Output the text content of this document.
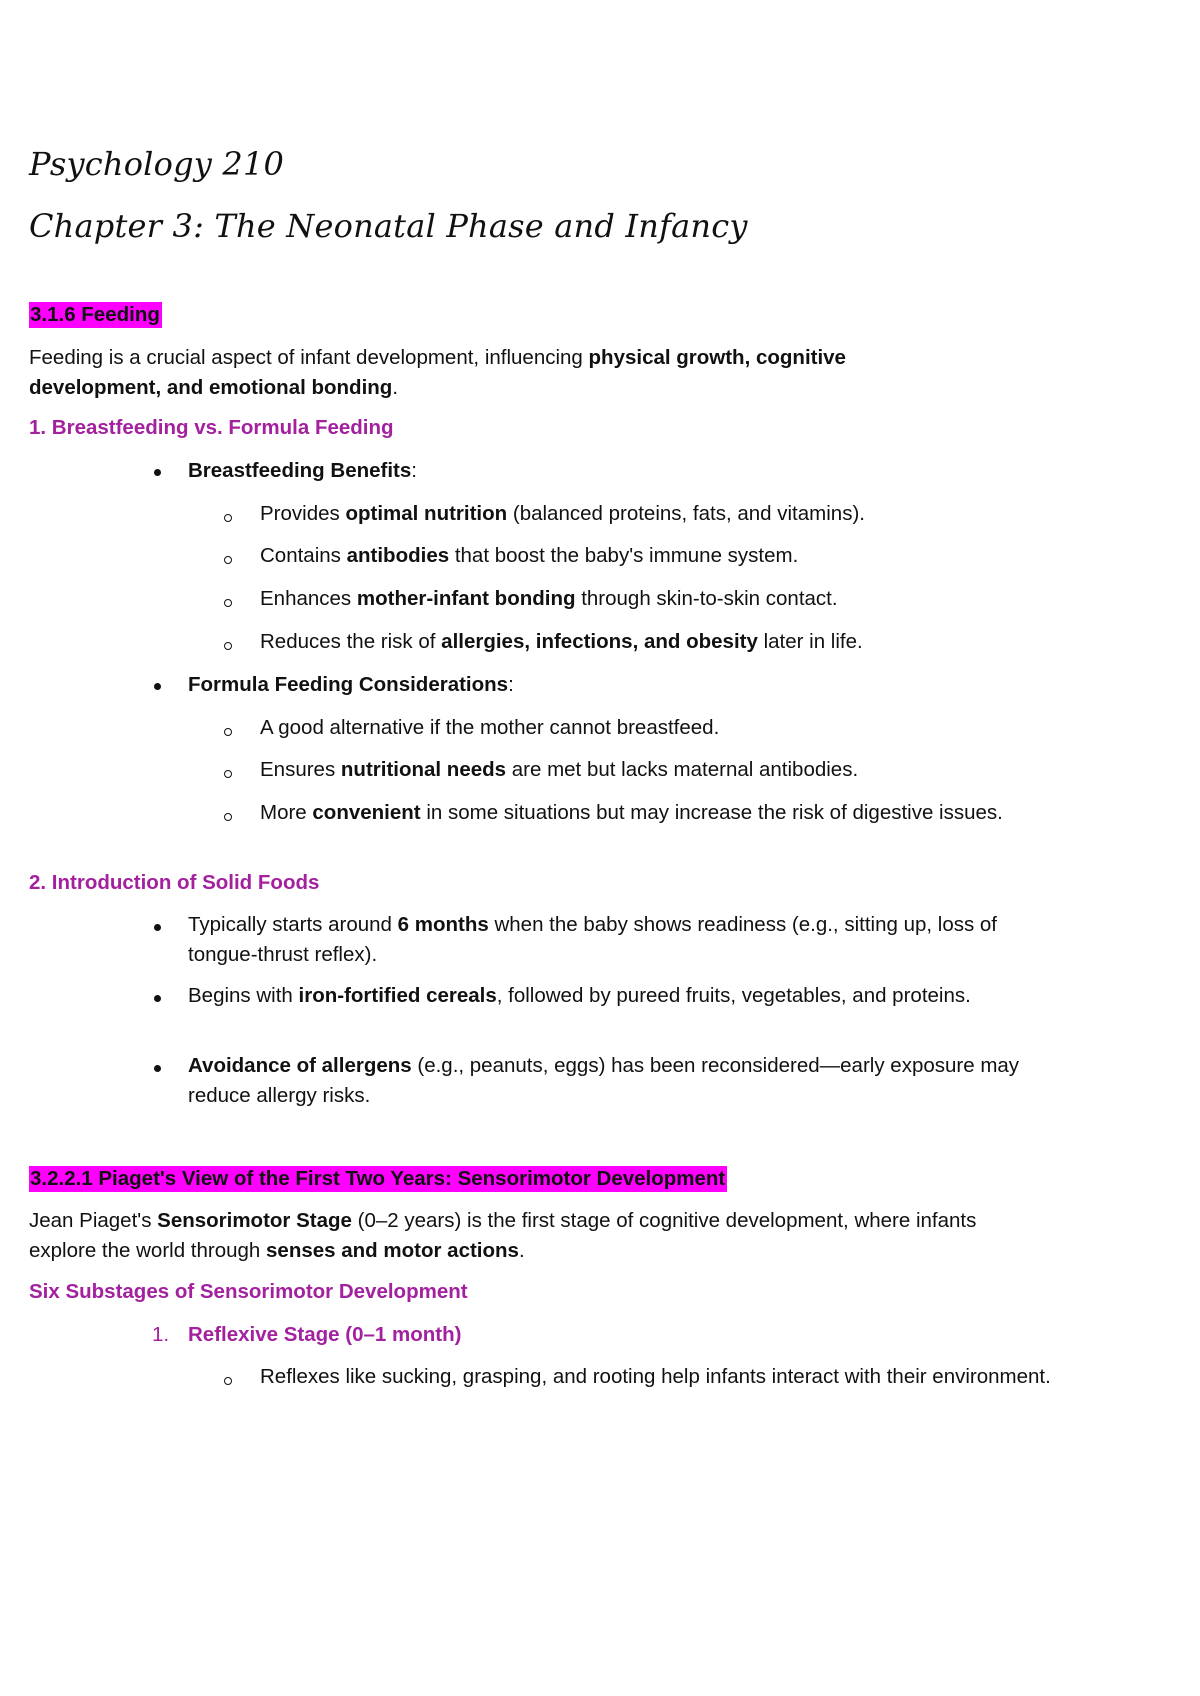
Psychology 210
Chapter 3: The Neonatal Phase and Infancy
3.1.6 Feeding
Feeding is a crucial aspect of infant development, influencing physical growth, cognitive development, and emotional bonding.
1. Breastfeeding vs. Formula Feeding
Breastfeeding Benefits:
Provides optimal nutrition (balanced proteins, fats, and vitamins).
Contains antibodies that boost the baby's immune system.
Enhances mother-infant bonding through skin-to-skin contact.
Reduces the risk of allergies, infections, and obesity later in life.
Formula Feeding Considerations:
A good alternative if the mother cannot breastfeed.
Ensures nutritional needs are met but lacks maternal antibodies.
More convenient in some situations but may increase the risk of digestive issues.
2. Introduction of Solid Foods
Typically starts around 6 months when the baby shows readiness (e.g., sitting up, loss of tongue-thrust reflex).
Begins with iron-fortified cereals, followed by pureed fruits, vegetables, and proteins.
Avoidance of allergens (e.g., peanuts, eggs) has been reconsidered—early exposure may reduce allergy risks.
3.2.2.1 Piaget's View of the First Two Years: Sensorimotor Development
Jean Piaget's Sensorimotor Stage (0–2 years) is the first stage of cognitive development, where infants explore the world through senses and motor actions.
Six Substages of Sensorimotor Development
1. Reflexive Stage (0–1 month)
Reflexes like sucking, grasping, and rooting help infants interact with their environment.
